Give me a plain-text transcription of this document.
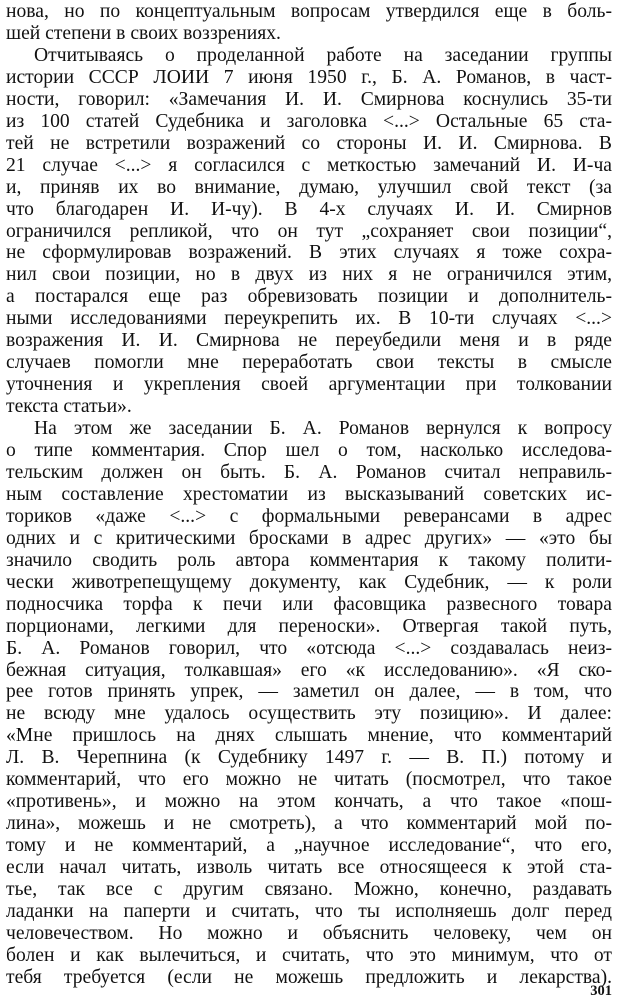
нова, но по концептуальным вопросам утвердился еще в боль-
шей степени в своих воззрениях.
Отчитываясь о проделанной работе на заседании группы
истории СССР ЛОИИ 7 июня 1950 г., Б. А. Романов, в част-
ности, говорил: «Замечания И. И. Смирнова коснулись 35-ти
из 100 статей Судебника и заголовка <...> Остальные 65 ста-
тей не встретили возражений со стороны И. И. Смирнова. В
21 случае <...> я согласился с меткостью замечаний И. И-ча
и, приняв их во внимание, думаю, улучшил свой текст (за
что благодарен И. И-чу). В 4-х случаях И. И. Смирнов
ограничился репликой, что он тут „сохраняет свои позиции“,
не сформулировав возражений. В этих случаях я тоже сохра-
нил свои позиции, но в двух из них я не ограничился этим,
а постарался еще раз обревизовать позиции и дополнитель-
ными исследованиями переукрепить их. В 10-ти случаях <...>
возражения И. И. Смирнова не переубедили меня и в ряде
случаев помогли мне переработать свои тексты в смысле
уточнения и укрепления своей аргументации при толковании
текста статьи».
На этом же заседании Б. А. Романов вернулся к вопросу
о типе комментария. Спор шел о том, насколько исследова-
тельским должен он быть. Б. А. Романов считал неправиль-
ным составление хрестоматии из высказываний советских ис-
ториков «даже <...> с формальными реверансами в адрес
одних и с критическими бросками в адрес других» — «это бы
значило сводить роль автора комментария к такому полити-
чески животрепещущему документу, как Судебник, — к роли
подносчика торфа к печи или фасовщика развесного товара
порционами, легкими для переноски». Отвергая такой путь,
Б. А. Романов говорил, что «отсюда <...> создавалась неиз-
бежная ситуация, толкавшая» его «к исследованию». «Я ско-
рее готов принять упрек, — заметил он далее, — в том, что
не всюду мне удалось осуществить эту позицию». И далее:
«Мне пришлось на днях слышать мнение, что комментарий
Л. В. Черепнина (к Судебнику 1497 г. — В. П.) потому и
комментарий, что его можно не читать (посмотрел, что такое
«противень», и можно на этом кончать, а что такое «пош-
лина», можешь и не смотреть), а что комментарий мой по-
тому и не комментарий, а „научное исследование“, что его,
если начал читать, изволь читать все относящееся к этой ста-
тье, так все с другим связано. Можно, конечно, раздавать
ладанки на паперти и считать, что ты исполняешь долг перед
человечеством. Но можно и объяснить человеку, чем он
болен и как вылечиться, и считать, что это минимум, что от
тебя требуется (если не можешь предложить и лекарства).
301
